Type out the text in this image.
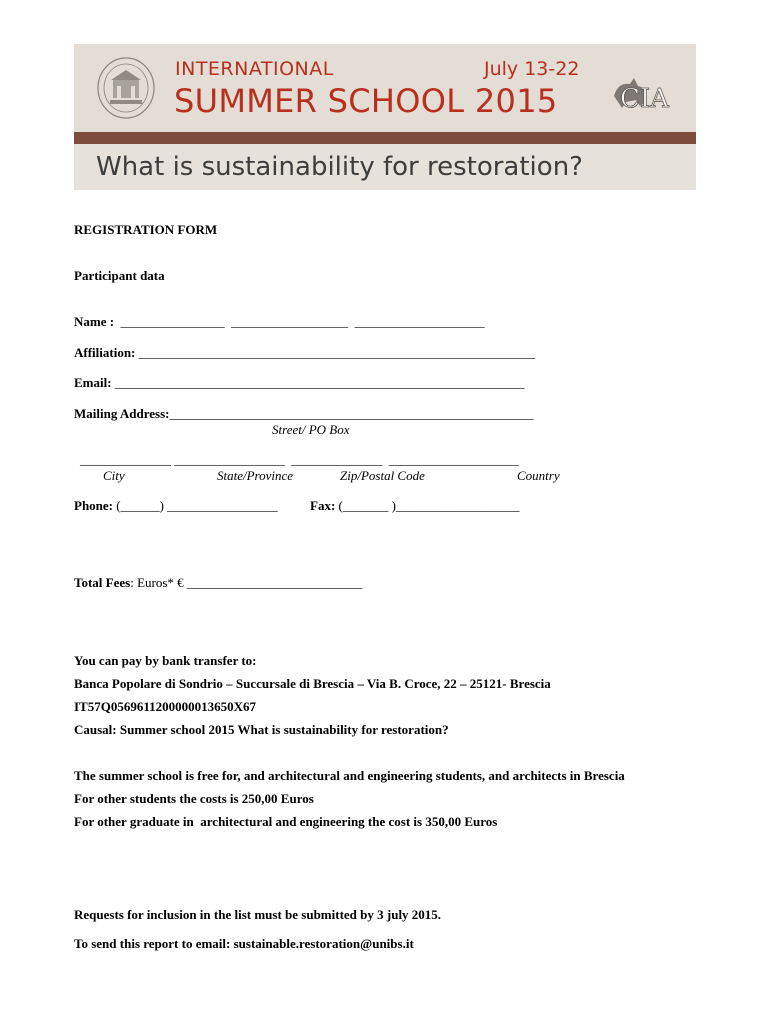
INTERNATIONAL	July 13-22
SUMMER SCHOOL 2015 CIA
What is sustainability for restoration?
REGISTRATION FORM
Participant data
Name : ________________  __________________  ____________________
Affiliation: _____________________________________________________________
Email: _______________________________________________________________
Mailing Address:________________________________________________________
Street/ PO Box
______________ _________________  ______________  ____________________
City	State/Province	Zip/Postal Code	Country
Phone: (______) _________________ Fax: (_______ )___________________
Total Fees: Euros* € ___________________________
You can pay by bank transfer to:
Banca Popolare di Sondrio – Succursale di Brescia – Via B. Croce, 22 – 25121- Brescia
IT57Q0569611200000013650X67
Causal: Summer school 2015 What is sustainability for restoration?
The summer school is free for, and architectural and engineering students, and architects in Brescia
For other students the costs is 250,00 Euros
For other graduate in  architectural and engineering the cost is 350,00 Euros
Requests for inclusion in the list must be submitted by 3 july 2015.
To send this report to email: sustainable.restoration@unibs.it
